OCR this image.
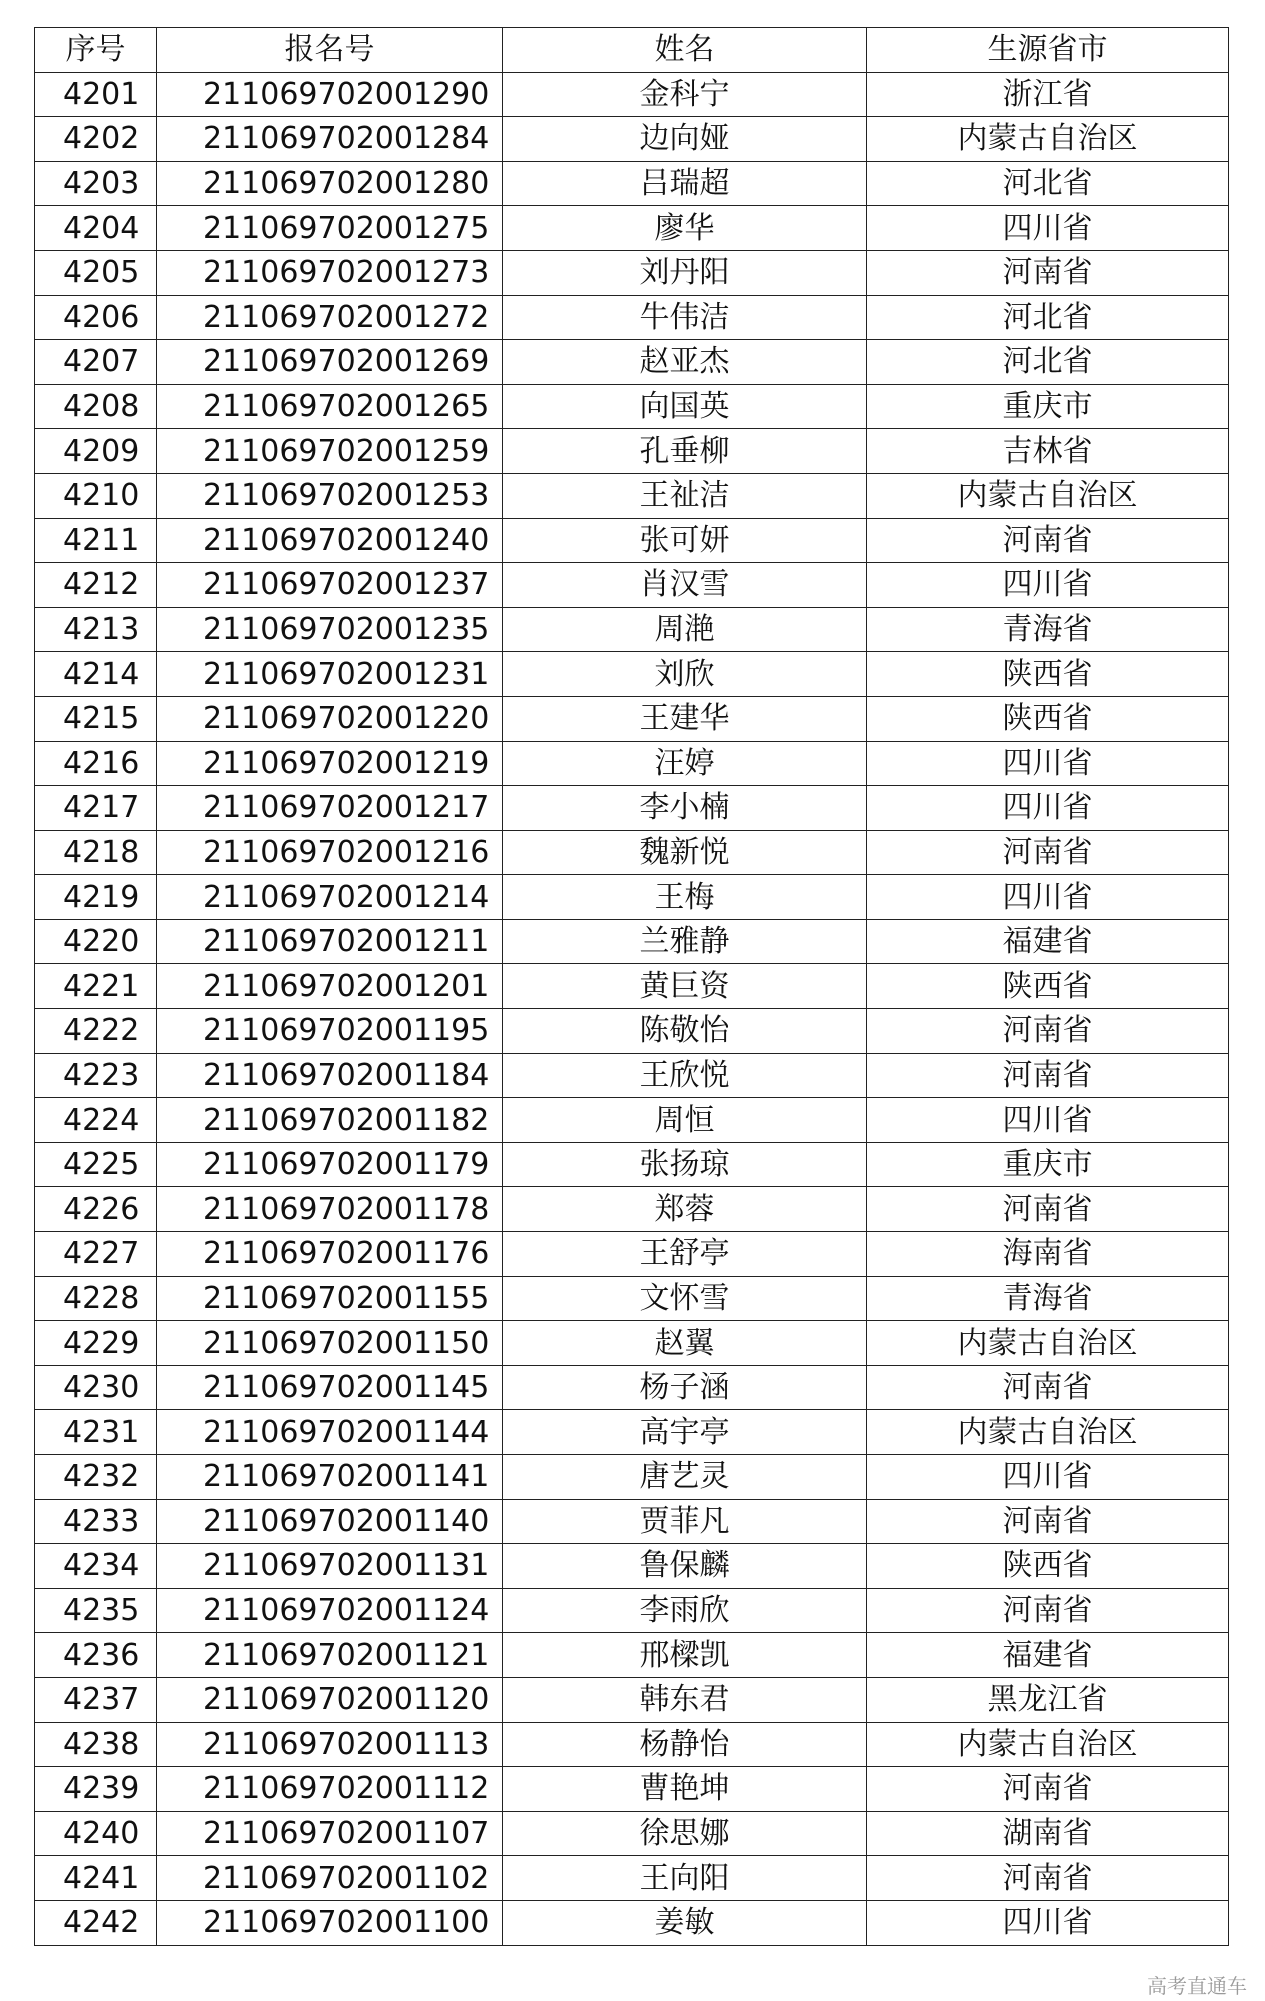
序号	报名号	姓名	生源省市
4201	211069702001290	金科宁	浙江省
4202	211069702001284	边向娅	内蒙古自治区
4203	211069702001280	吕瑞超	河北省
4204	211069702001275	廖华	四川省
4205	211069702001273	刘丹阳	河南省
4206	211069702001272	牛伟洁	河北省
4207	211069702001269	赵亚杰	河北省
4208	211069702001265	向国英	重庆市
4209	211069702001259	孔垂柳	吉林省
4210	211069702001253	王祉洁	内蒙古自治区
4211	211069702001240	张可妍	河南省
4212	211069702001237	肖汉雪	四川省
4213	211069702001235	周滟	青海省
4214	211069702001231	刘欣	陕西省
4215	211069702001220	王建华	陕西省
4216	211069702001219	汪婷	四川省
4217	211069702001217	李小楠	四川省
4218	211069702001216	魏新悦	河南省
4219	211069702001214	王梅	四川省
4220	211069702001211	兰雅静	福建省
4221	211069702001201	黄巨资	陕西省
4222	211069702001195	陈敬怡	河南省
4223	211069702001184	王欣悦	河南省
4224	211069702001182	周恒	四川省
4225	211069702001179	张扬琼	重庆市
4226	211069702001178	郑蓉	河南省
4227	211069702001176	王舒亭	海南省
4228	211069702001155	文怀雪	青海省
4229	211069702001150	赵翼	内蒙古自治区
4230	211069702001145	杨子涵	河南省
4231	211069702001144	高宇亭	内蒙古自治区
4232	211069702001141	唐艺灵	四川省
4233	211069702001140	贾菲凡	河南省
4234	211069702001131	鲁保麟	陕西省
4235	211069702001124	李雨欣	河南省
4236	211069702001121	邢樑凯	福建省
4237	211069702001120	韩东君	黑龙江省
4238	211069702001113	杨静怡	内蒙古自治区
4239	211069702001112	曹艳坤	河南省
4240	211069702001107	徐思娜	湖南省
4241	211069702001102	王向阳	河南省
4242	211069702001100	姜敏	四川省
高考直通车
